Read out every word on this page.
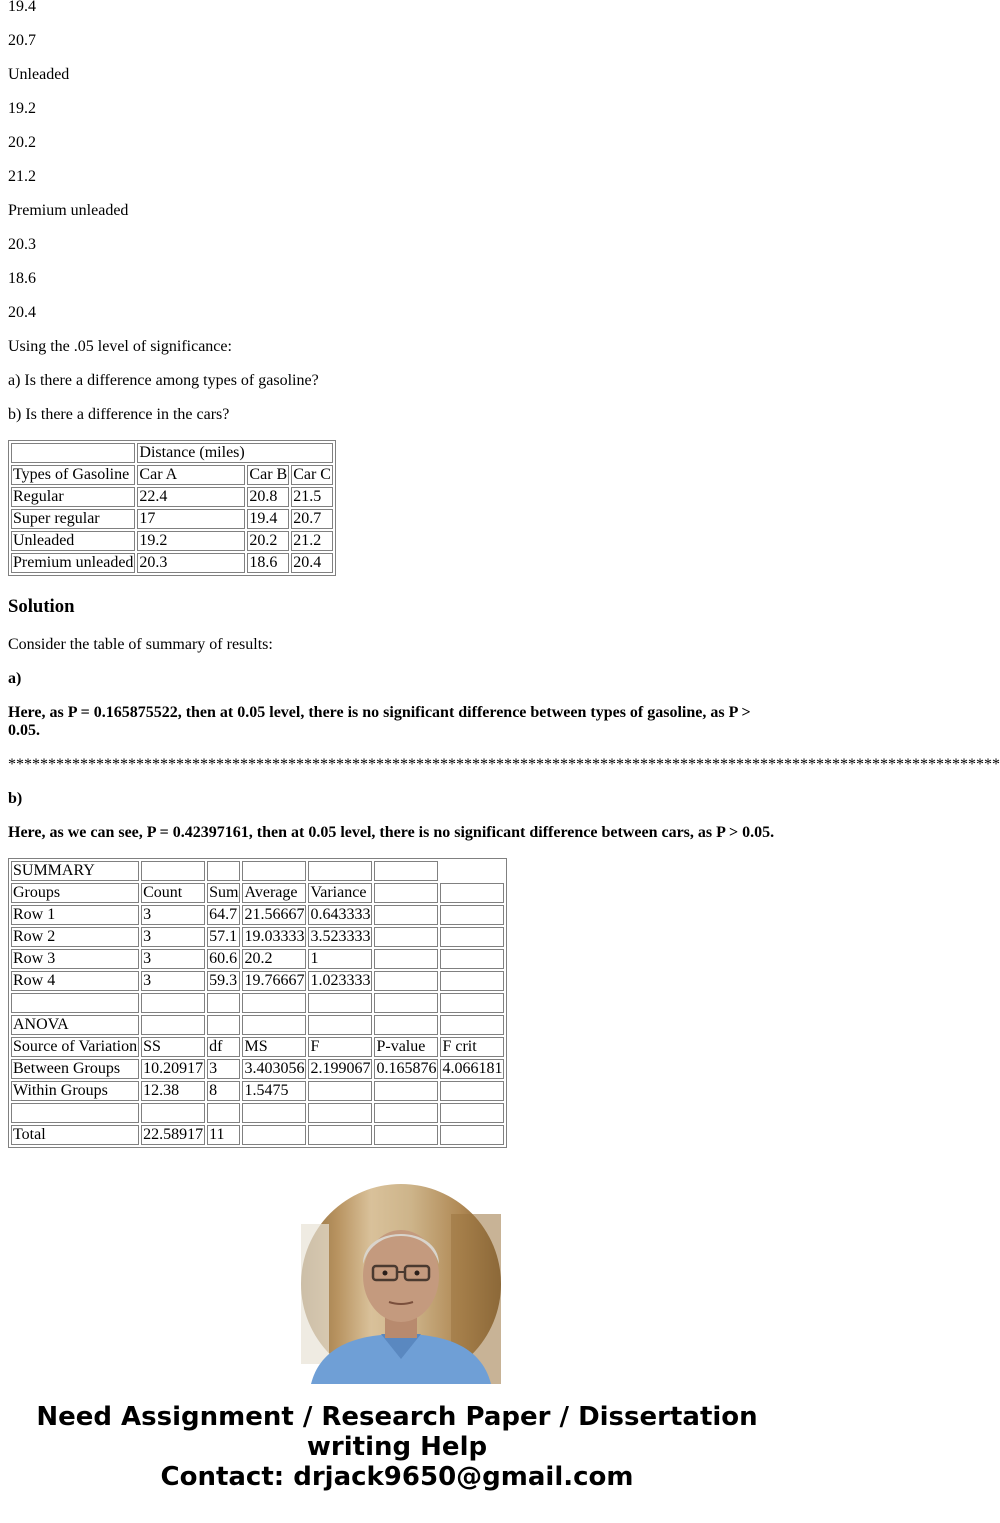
19.4

20.7

Unleaded

19.2

20.2

21.2

Premium unleaded

20.3

18.6

20.4

Using the .05 level of significance:

a) Is there a difference among types of gasoline?

b) Is there a difference in the cars?

	Distance (miles)		
Types of Gasoline	Car A	Car B	Car C
Regular	22.4	20.8	21.5
Super regular	17	19.4	20.7
Unleaded	19.2	20.2	21.2
Premium unleaded	20.3	18.6	20.4
Solution

Consider the table of summary of results:

a)

Here, as P = 0.165875522, then at 0.05 level, there is no significant difference between types of gasoline, as P > 0.05.

****************************************************************************************************************************

b)

Here, as we can see, P = 0.42397161, then at 0.05 level, there is no significant difference between cars, as P > 0.05.

SUMMARY						
Groups	Count	Sum	Average	Variance		
Row 1	3	64.7	21.56667	0.643333		
Row 2	3	57.1	19.03333	3.523333		
Row 3	3	60.6	20.2	1		
Row 4	3	59.3	19.76667	1.023333		

ANOVA						
Source of Variation	SS	df	MS	F	P-value	F crit
Between Groups	10.20917	3	3.403056	2.199067	0.165876	4.066181
Within Groups	12.38	8	1.5475			

Total	22.58917	11				
Need Assignment / Research Paper / Dissertation
writing Help
Contact: drjack9650@gmail.com
